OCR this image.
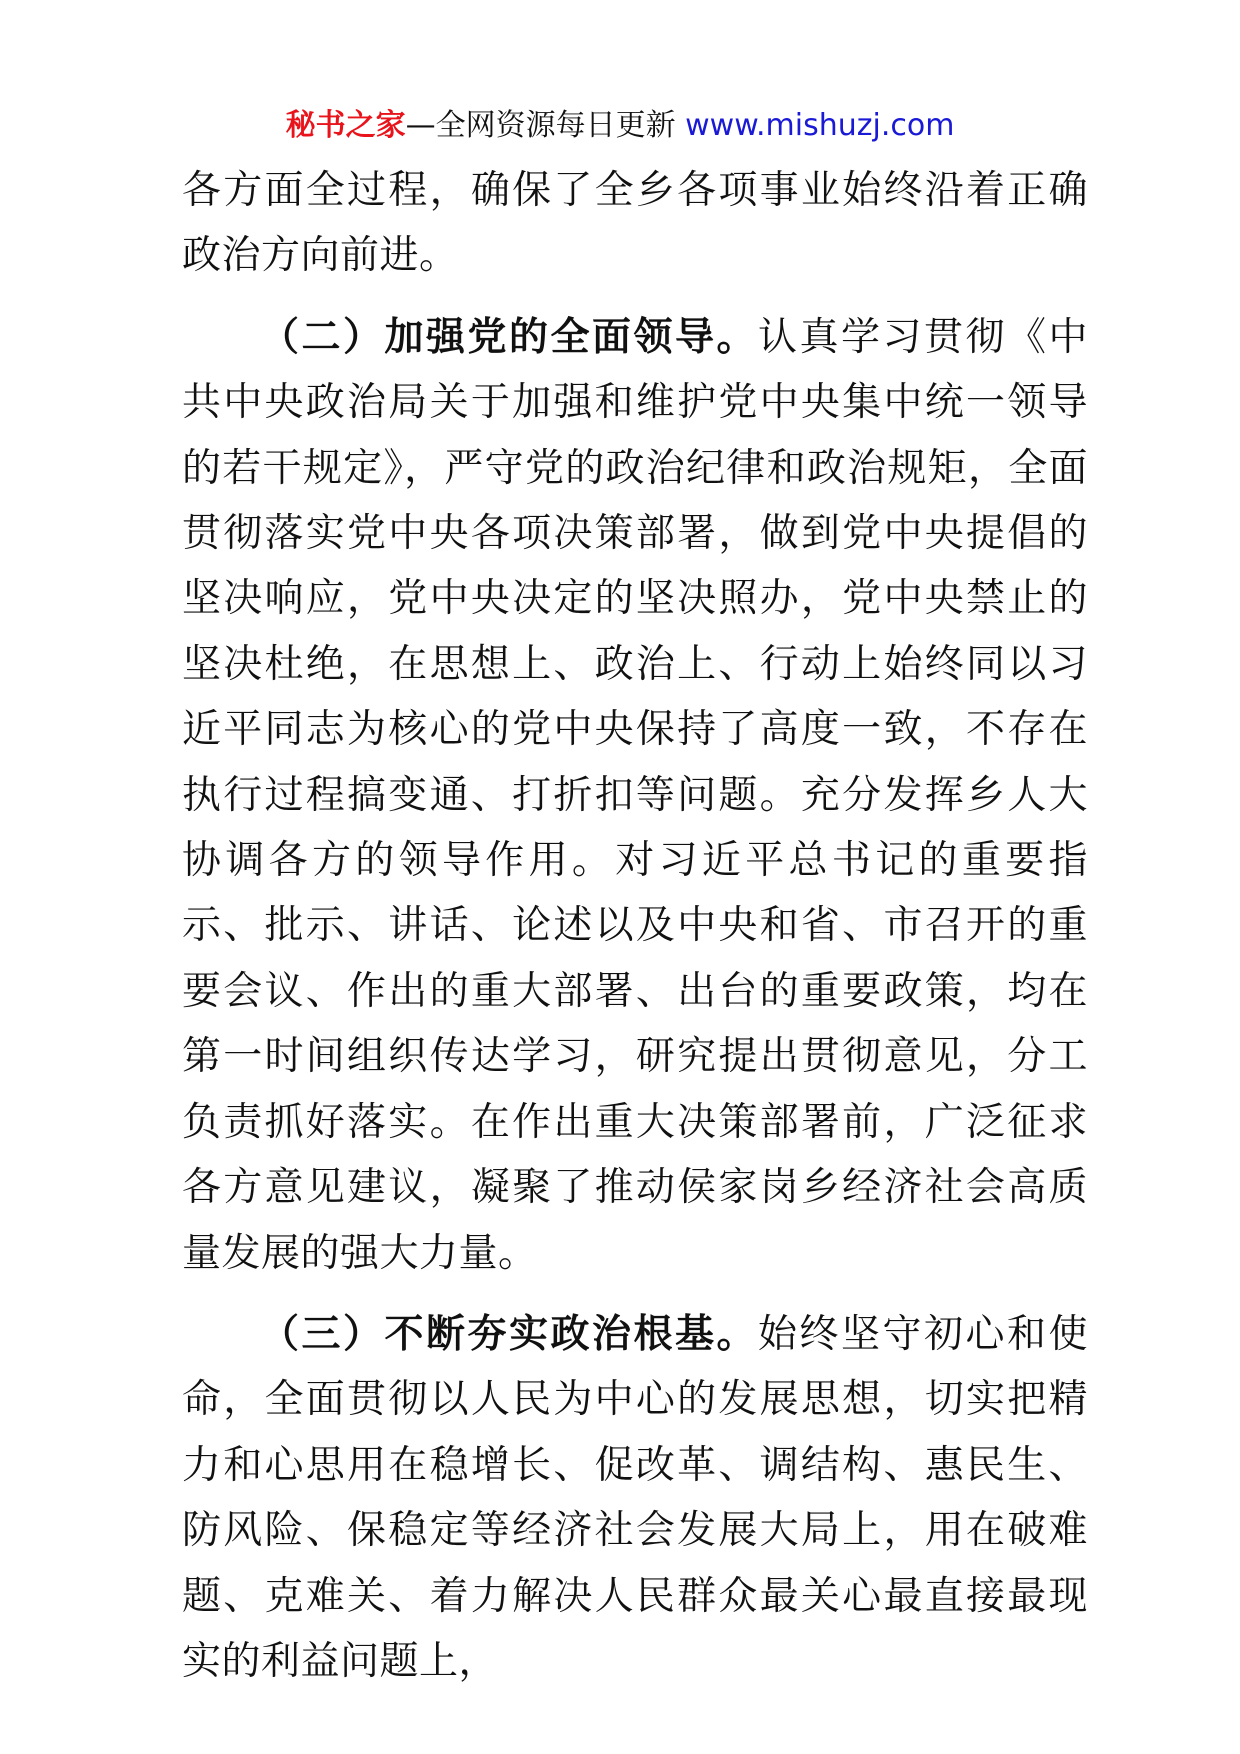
秘书之家—全网资源每日更新 www.mishuzj.com

各方面全过程，确保了全乡各项事业始终沿着正确政治方向前进。

（二）加强党的全面领导。认真学习贯彻《中共中央政治局关于加强和维护党中央集中统一领导的若干规定》，严守党的政治纪律和政治规矩，全面贯彻落实党中央各项决策部署，做到党中央提倡的坚决响应，党中央决定的坚决照办，党中央禁止的坚决杜绝，在思想上、政治上、行动上始终同以习近平同志为核心的党中央保持了高度一致，不存在执行过程搞变通、打折扣等问题。充分发挥乡人大协调各方的领导作用。对习近平总书记的重要指示、批示、讲话、论述以及中央和省、市召开的重要会议、作出的重大部署、出台的重要政策，均在第一时间组织传达学习，研究提出贯彻意见，分工负责抓好落实。在作出重大决策部署前，广泛征求各方意见建议，凝聚了推动侯家岗乡经济社会高质量发展的强大力量。

（三）不断夯实政治根基。始终坚守初心和使命，全面贯彻以人民为中心的发展思想，切实把精力和心思用在稳增长、促改革、调结构、惠民生、防风险、保稳定等经济社会发展大局上，用在破难题、克难关、着力解决人民群众最关心最直接最现实的利益问题上，
